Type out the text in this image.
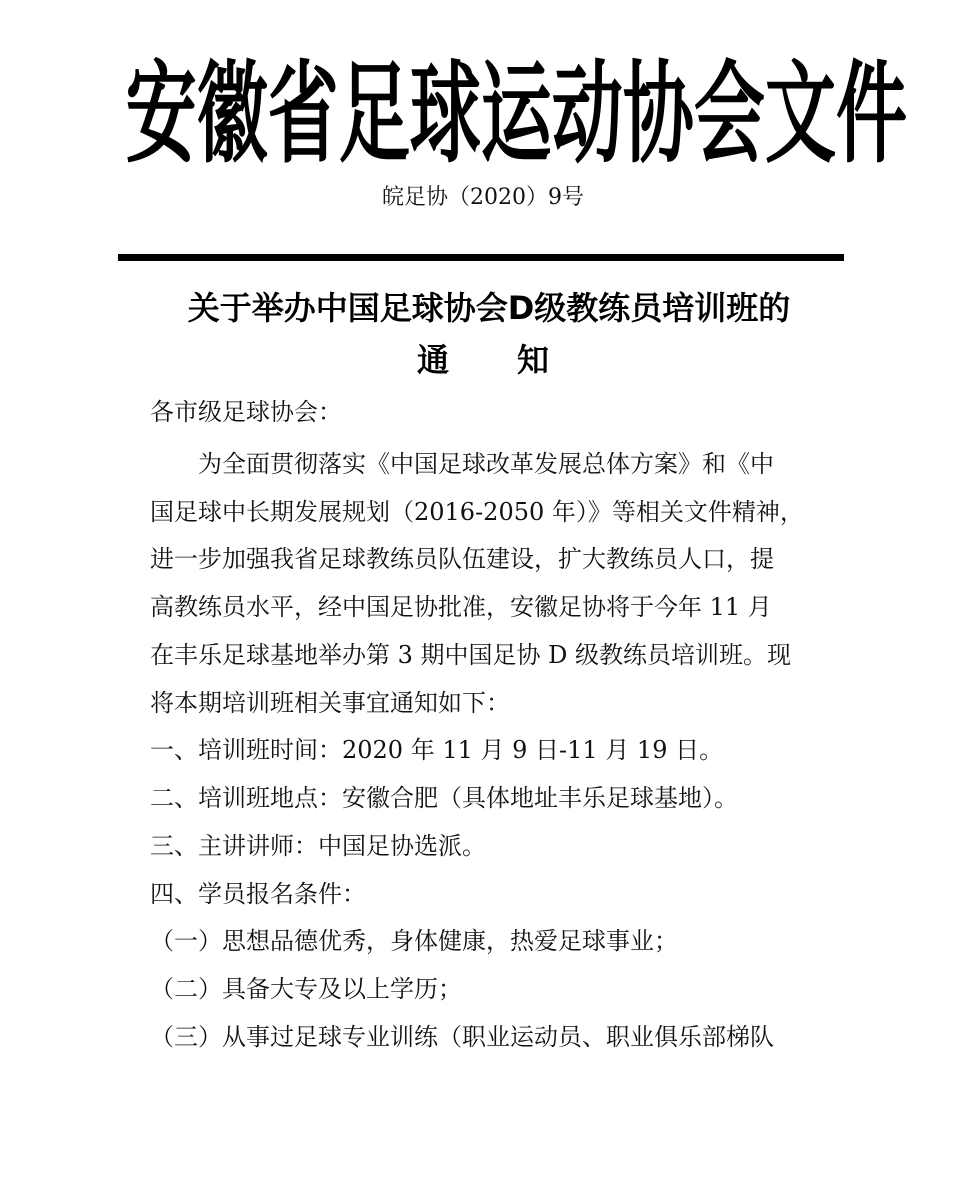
安徽省足球运动协会文件
皖足协（2020）9号
关于举办中国足球协会D级教练员培训班的
通知
各市级足球协会：
为全面贯彻落实《中国足球改革发展总体方案》和《中
国足球中长期发展规划（2016-2050 年）》等相关文件精神，
进一步加强我省足球教练员队伍建设，扩大教练员人口，提
高教练员水平，经中国足协批准，安徽足协将于今年 11 月
在丰乐足球基地举办第 3 期中国足协 D 级教练员培训班。现
将本期培训班相关事宜通知如下：
一、培训班时间：2020 年 11 月 9 日-11 月 19 日。
二、培训班地点：安徽合肥（具体地址丰乐足球基地）。
三、主讲讲师：中国足协选派。
四、学员报名条件：
（一）思想品德优秀，身体健康，热爱足球事业；
（二）具备大专及以上学历；
（三）从事过足球专业训练（职业运动员、职业俱乐部梯队
